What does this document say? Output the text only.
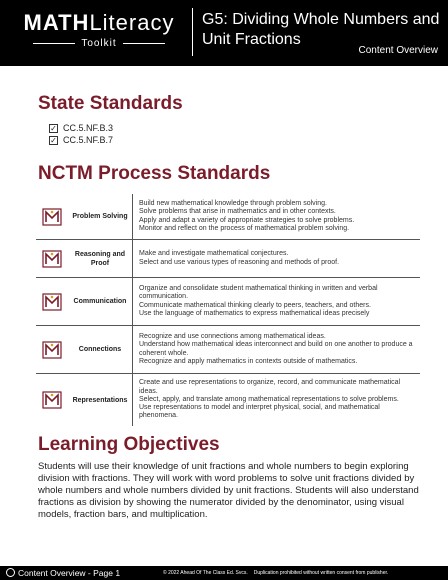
MATHLiteracy
Toolkit
G5: Dividing Whole Numbers and Unit Fractions
Content Overview
State Standards
✓ CC.5.NF.B.3
✓ CC.5.NF.B.7
NCTM Process Standards
Problem Solving
Build new mathematical knowledge through problem solving.
Solve problems that arise in mathematics and in other contexts.
Apply and adapt a variety of appropriate strategies to solve problems.
Monitor and reflect on the process of mathematical problem solving.
Reasoning and Proof
Make and investigate mathematical conjectures.
Select and use various types of reasoning and methods of proof.
Communication
Organize and consolidate student mathematical thinking in written and verbal communication.
Communicate mathematical thinking clearly to peers, teachers, and others.
Use the language of mathematics to express mathematical ideas precisely
Connections
Recognize and use connections among mathematical ideas.
Understand how mathematical ideas interconnect and build on one another to produce a coherent whole.
Recognize and apply mathematics in contexts outside of mathematics.
Representations
Create and use representations to organize, record, and communicate mathematical ideas.
Select, apply, and translate among mathematical representations to solve problems.
Use representations to model and interpret physical, social, and mathematical phenomena.
Learning Objectives
Students will use their knowledge of unit fractions and whole numbers to begin exploring division with fractions. They will work with word problems to solve unit fractions divided by whole numbers and whole numbers divided by unit fractions. Students will also understand fractions as division by showing the numerator divided by the denominator, using visual models, fraction bars, and multiplication.
Content Overview - Page 1	© 2022 Ahead Of The Class Ed. Svcs. Duplication prohibited without written consent from publisher.
